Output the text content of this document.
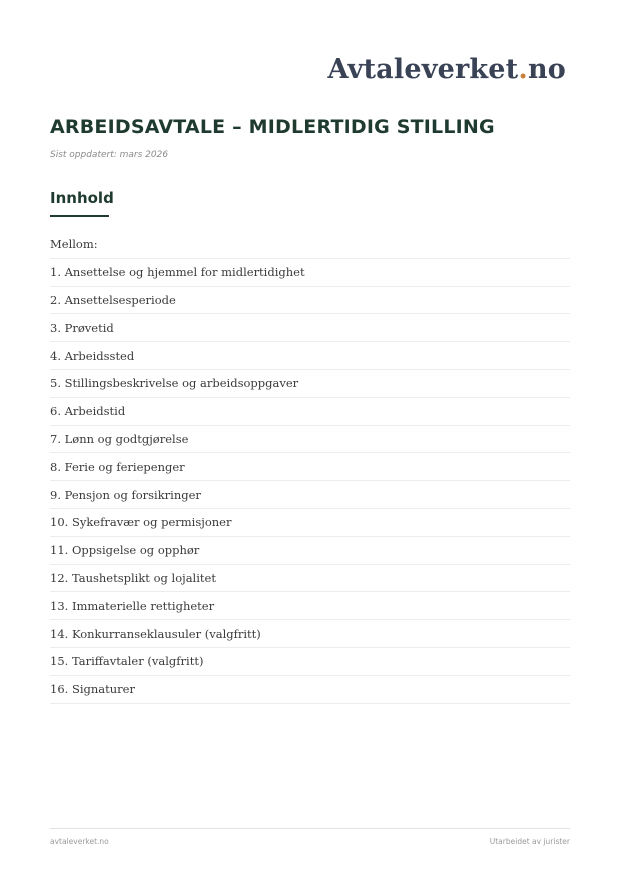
Avtaleverket.no
ARBEIDSAVTALE – MIDLERTIDIG STILLING
Sist oppdatert: mars 2026
Innhold
Mellom:
1. Ansettelse og hjemmel for midlertidighet
2. Ansettelsesperiode
3. Prøvetid
4. Arbeidssted
5. Stillingsbeskrivelse og arbeidsoppgaver
6. Arbeidstid
7. Lønn og godtgjørelse
8. Ferie og feriepenger
9. Pensjon og forsikringer
10. Sykefravær og permisjoner
11. Oppsigelse og opphør
12. Taushetsplikt og lojalitet
13. Immaterielle rettigheter
14. Konkurranseklausuler (valgfritt)
15. Tariffavtaler (valgfritt)
16. Signaturer
avtaleverket.no	Utarbeidet av jurister
